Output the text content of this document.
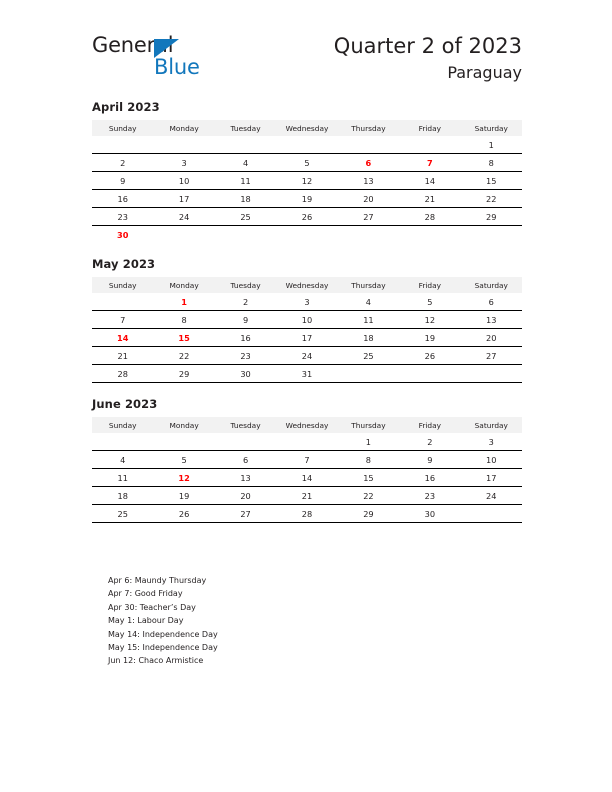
General
Blue
Quarter 2 of 2023
Paraguay
April 2023
Sunday	Monday	Tuesday	Wednesday	Thursday	Friday	Saturday
						1
2	3	4	5	6	7	8
9	10	11	12	13	14	15
16	17	18	19	20	21	22
23	24	25	26	27	28	29
30						
May 2023
Sunday	Monday	Tuesday	Wednesday	Thursday	Friday	Saturday
	1	2	3	4	5	6
7	8	9	10	11	12	13
14	15	16	17	18	19	20
21	22	23	24	25	26	27
28	29	30	31			
June 2023
Sunday	Monday	Tuesday	Wednesday	Thursday	Friday	Saturday
				1	2	3
4	5	6	7	8	9	10
11	12	13	14	15	16	17
18	19	20	21	22	23	24
25	26	27	28	29	30	

Apr 6: Maundy Thursday
Apr 7: Good Friday
Apr 30: Teacher’s Day
May 1: Labour Day
May 14: Independence Day
May 15: Independence Day
Jun 12: Chaco Armistice
